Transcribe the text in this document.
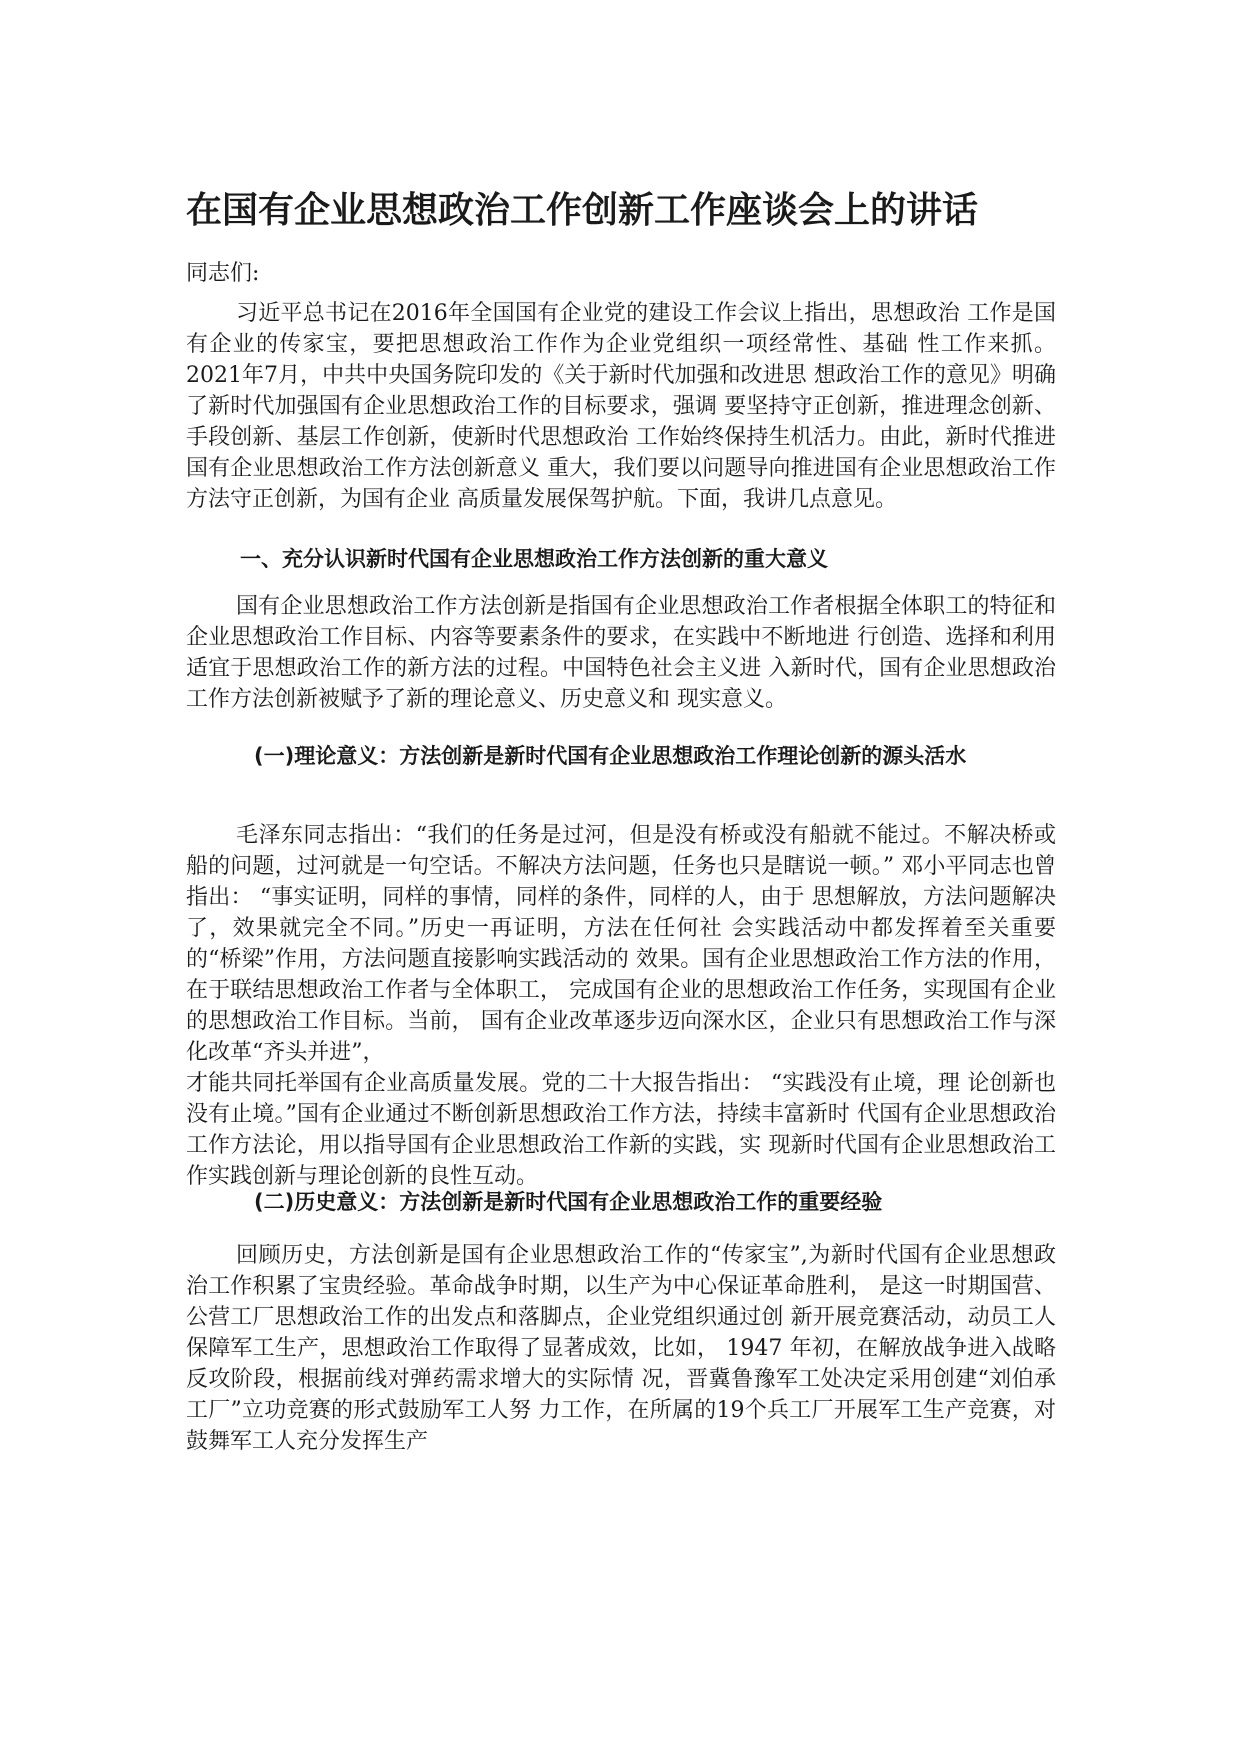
在国有企业思想政治工作创新工作座谈会上的讲话

同志们:

习近平总书记在2016年全国国有企业党的建设工作会议上指出，思想政治 工作是国有企业的传家宝，要把思想政治工作作为企业党组织一项经常性、基础 性工作来抓。2021年7月，中共中央国务院印发的《关于新时代加强和改进思 想政治工作的意见》明确了新时代加强国有企业思想政治工作的目标要求，强调 要坚持守正创新，推进理念创新、手段创新、基层工作创新，使新时代思想政治 工作始终保持生机活力。由此，新时代推进国有企业思想政治工作方法创新意义 重大，我们要以问题导向推进国有企业思想政治工作方法守正创新，为国有企业 高质量发展保驾护航。下面，我讲几点意见。

一、充分认识新时代国有企业思想政治工作方法创新的重大意义

国有企业思想政治工作方法创新是指国有企业思想政治工作者根据全体职工的特征和企业思想政治工作目标、内容等要素条件的要求，在实践中不断地进 行创造、选择和利用适宜于思想政治工作的新方法的过程。中国特色社会主义进 入新时代，国有企业思想政治工作方法创新被赋予了新的理论意义、历史意义和 现实意义。

(一)理论意义：方法创新是新时代国有企业思想政治工作理论创新的源头活水

毛泽东同志指出：“我们的任务是过河，但是没有桥或没有船就不能过。不解决桥或船的问题，过河就是一句空话。不解决方法问题，任务也只是瞎说一顿。” 邓小平同志也曾指出： “事实证明，同样的事情，同样的条件，同样的人，由于 思想解放，方法问题解决了，效果就完全不同。”历史一再证明，方法在任何社 会实践活动中都发挥着至关重要的“桥梁”作用，方法问题直接影响实践活动的 效果。国有企业思想政治工作方法的作用，在于联结思想政治工作者与全体职工， 完成国有企业的思想政治工作任务，实现国有企业的思想政治工作目标。当前， 国有企业改革逐步迈向深水区，企业只有思想政治工作与深化改革“齐头并进”，

才能共同托举国有企业高质量发展。党的二十大报告指出： “实践没有止境，理 论创新也没有止境。”国有企业通过不断创新思想政治工作方法，持续丰富新时 代国有企业思想政治工作方法论，用以指导国有企业思想政治工作新的实践，实 现新时代国有企业思想政治工作实践创新与理论创新的良性互动。

(二)历史意义：方法创新是新时代国有企业思想政治工作的重要经验

回顾历史，方法创新是国有企业思想政治工作的“传家宝”,为新时代国有企业思想政治工作积累了宝贵经验。革命战争时期，以生产为中心保证革命胜利， 是这一时期国营、公营工厂思想政治工作的出发点和落脚点，企业党组织通过创 新开展竞赛活动，动员工人保障军工生产，思想政治工作取得了显著成效，比如， 1947 年初，在解放战争进入战略反攻阶段，根据前线对弹药需求增大的实际情 况，晋冀鲁豫军工处决定采用创建“刘伯承工厂”立功竞赛的形式鼓励军工人努 力工作，在所属的19个兵工厂开展军工生产竞赛，对鼓舞军工人充分发挥生产
